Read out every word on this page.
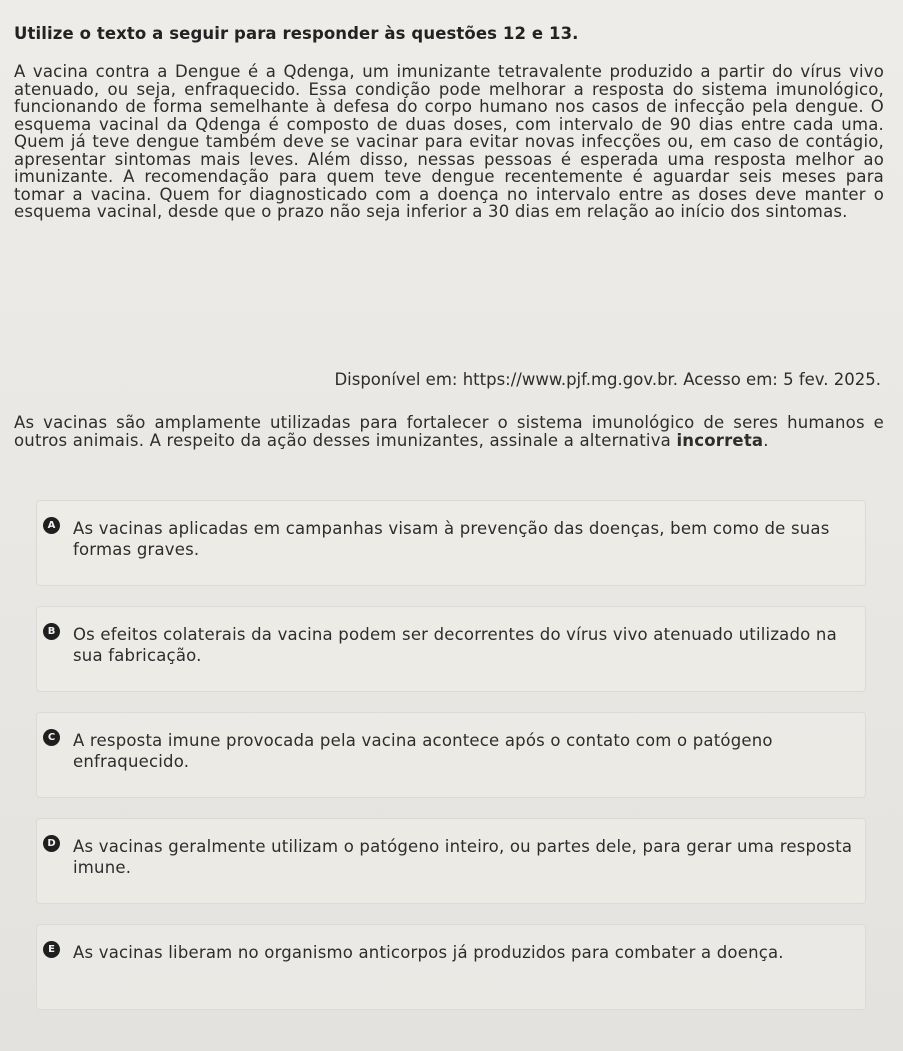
Utilize o texto a seguir para responder às questões 12 e 13.
A vacina contra a Dengue é a Qdenga, um imunizante tetravalente produzido a partir do vírus vivo atenuado, ou seja, enfraquecido. Essa condição pode melhorar a resposta do sistema imunológico, funcionando de forma semelhante à defesa do corpo humano nos casos de infecção pela dengue. O esquema vacinal da Qdenga é composto de duas doses, com intervalo de 90 dias entre cada uma. Quem já teve dengue também deve se vacinar para evitar novas infecções ou, em caso de contágio, apresentar sintomas mais leves. Além disso, nessas pessoas é esperada uma resposta melhor ao imunizante. A recomendação para quem teve dengue recentemente é aguardar seis meses para tomar a vacina. Quem for diagnosticado com a doença no intervalo entre as doses deve manter o esquema vacinal, desde que o prazo não seja inferior a 30 dias em relação ao início dos sintomas.
Disponível em: https://www.pjf.mg.gov.br. Acesso em: 5 fev. 2025.
As vacinas são amplamente utilizadas para fortalecer o sistema imunológico de seres humanos e outros animais. A respeito da ação desses imunizantes, assinale a alternativa incorreta.
A As vacinas aplicadas em campanhas visam à prevenção das doenças, bem como de suas formas graves.
B Os efeitos colaterais da vacina podem ser decorrentes do vírus vivo atenuado utilizado na sua fabricação.
C A resposta imune provocada pela vacina acontece após o contato com o patógeno enfraquecido.
D As vacinas geralmente utilizam o patógeno inteiro, ou partes dele, para gerar uma resposta imune.
E	As vacinas liberam no organismo anticorpos já produzidos para combater a doença.
